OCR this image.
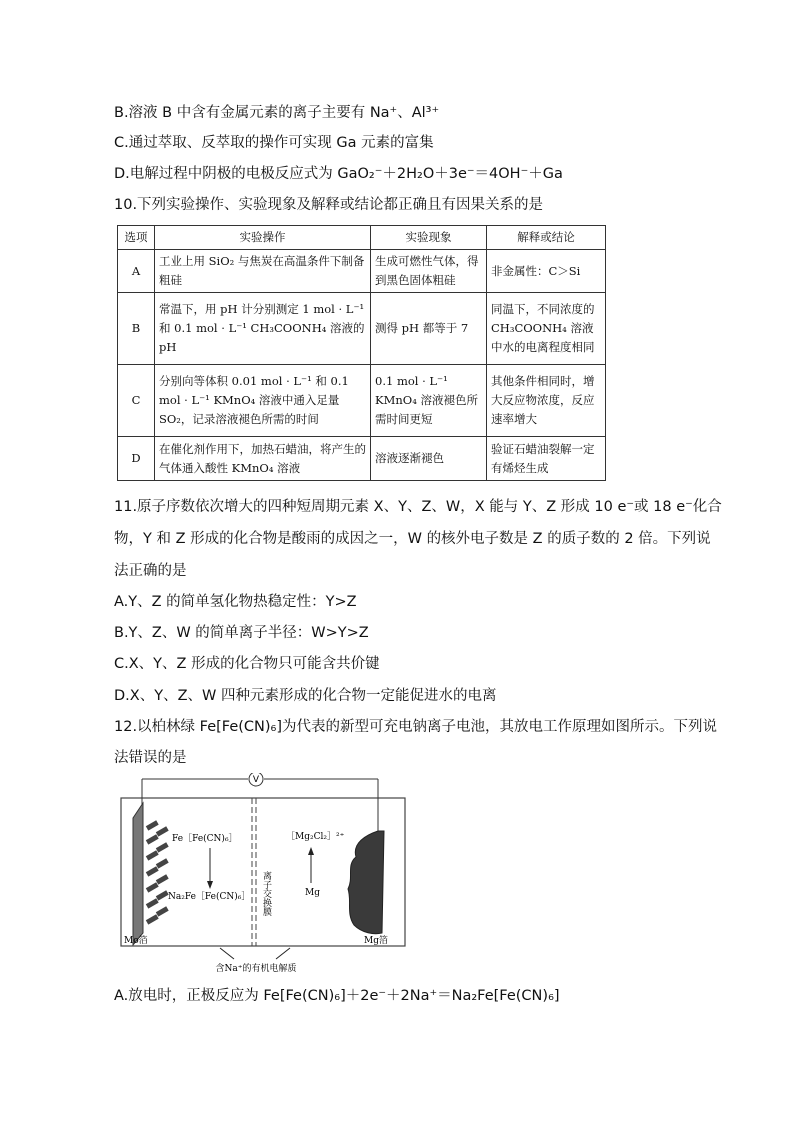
B.溶液 B 中含有金属元素的离子主要有 Na⁺、Al³⁺
C.通过萃取、反萃取的操作可实现 Ga 元素的富集
D.电解过程中阴极的电极反应式为 GaO₂⁻＋2H₂O＋3e⁻＝4OH⁻＋Ga
10.下列实验操作、实验现象及解释或结论都正确且有因果关系的是
选项	实验操作	实验现象	解释或结论
A	工业上用 SiO₂ 与焦炭在高温条件下制备粗硅	生成可燃性气体，得到黑色固体粗硅	非金属性：C＞Si
B	常温下，用 pH 计分别测定 1 mol · L⁻¹ 和 0.1 mol · L⁻¹ CH₃COONH₄ 溶液的 pH	测得 pH 都等于 7	同温下，不同浓度的 CH₃COONH₄ 溶液中水的电离程度相同
C	分别向等体积 0.01 mol · L⁻¹ 和 0.1 mol · L⁻¹ KMnO₄ 溶液中通入足量 SO₂，记录溶液褪色所需的时间	0.1 mol · L⁻¹ KMnO₄ 溶液褪色所需时间更短	其他条件相同时，增大反应物浓度，反应速率增大
D	在催化剂作用下，加热石蜡油，将产生的气体通入酸性 KMnO₄ 溶液	溶液逐渐褪色	验证石蜡油裂解一定有烯烃生成
11.原子序数依次增大的四种短周期元素 X、Y、Z、W，X 能与 Y、Z 形成 10 e⁻或 18 e⁻化合
物，Y 和 Z 形成的化合物是酸雨的成因之一，W 的核外电子数是 Z 的质子数的 2 倍。下列说
法正确的是
A.Y、Z 的简单氢化物热稳定性：Y>Z
B.Y、Z、W 的简单离子半径：W>Y>Z
C.X、Y、Z 形成的化合物只可能含共价键
D.X、Y、Z、W 四种元素形成的化合物一定能促进水的电离
12.以柏林绿 Fe[Fe(CN)₆]为代表的新型可充电钠离子电池，其放电工作原理如图所示。下列说
法错误的是
V
Fe［Fe(CN)₆］
Na₂Fe［Fe(CN)₆］ 离子交换膜
［Mg₂Cl₂］²⁺
Mg
Mo箔	Mg箔
含Na⁺的有机电解质
A.放电时，正极反应为 Fe[Fe(CN)₆]＋2e⁻＋2Na⁺＝Na₂Fe[Fe(CN)₆]
